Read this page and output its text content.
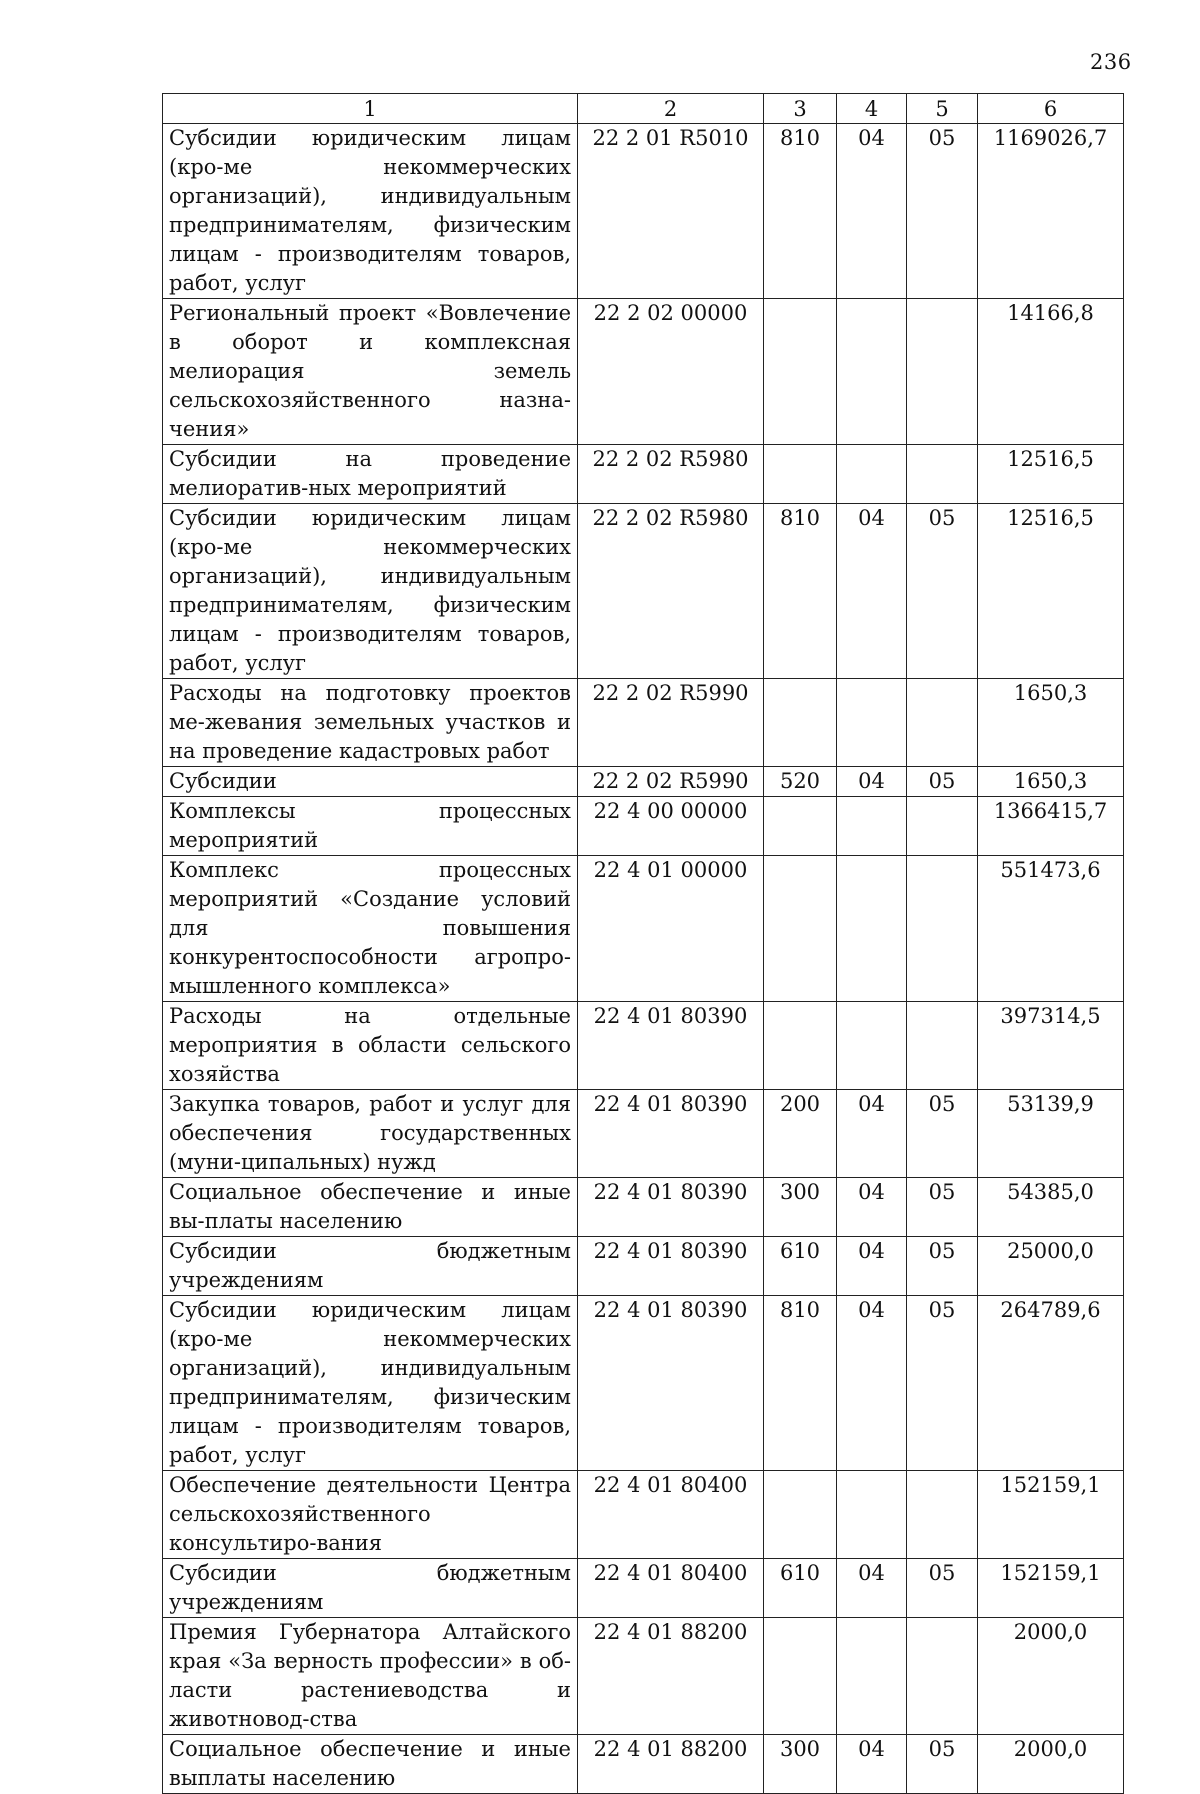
236
1	2	3	4	5	6
Субсидии юридическим лицам (кро-ме некоммерческих организаций), индивидуальным предпринимателям, физическим лицам - производителям товаров, работ, услуг	22 2 01 R5010	810	04	05	1169026,7
Региональный проект «Вовлечение в оборот и комплексная мелиорация земель сельскохозяйственного назна-чения»	22 2 02 00000				14166,8
Субсидии на проведение мелиоратив-ных мероприятий	22 2 02 R5980				12516,5
Субсидии юридическим лицам (кро-ме некоммерческих организаций), индивидуальным предпринимателям, физическим лицам - производителям товаров, работ, услуг	22 2 02 R5980	810	04	05	12516,5
Расходы на подготовку проектов ме-жевания земельных участков и на проведение кадастровых работ	22 2 02 R5990				1650,3
Субсидии	22 2 02 R5990	520	04	05	1650,3
Комплексы процессных мероприятий	22 4 00 00000				1366415,7
Комплекс процессных мероприятий «Создание условий для повышения конкурентоспособности агропро-мышленного комплекса»	22 4 01 00000				551473,6
Расходы на отдельные мероприятия в области сельского хозяйства	22 4 01 80390				397314,5
Закупка товаров, работ и услуг для обеспечения государственных (муни-ципальных) нужд	22 4 01 80390	200	04	05	53139,9
Социальное обеспечение и иные вы-платы населению	22 4 01 80390	300	04	05	54385,0
Субсидии бюджетным учреждениям	22 4 01 80390	610	04	05	25000,0
Субсидии юридическим лицам (кро-ме некоммерческих организаций), индивидуальным предпринимателям, физическим лицам - производителям товаров, работ, услуг	22 4 01 80390	810	04	05	264789,6
Обеспечение деятельности Центра сельскохозяйственного консультиро-вания	22 4 01 80400				152159,1
Субсидии бюджетным учреждениям	22 4 01 80400	610	04	05	152159,1
Премия Губернатора Алтайского края «За верность профессии» в об-ласти растениеводства и животновод-ства	22 4 01 88200				2000,0
Социальное обеспечение и иные выплаты населению	22 4 01 88200	300	04	05	2000,0
